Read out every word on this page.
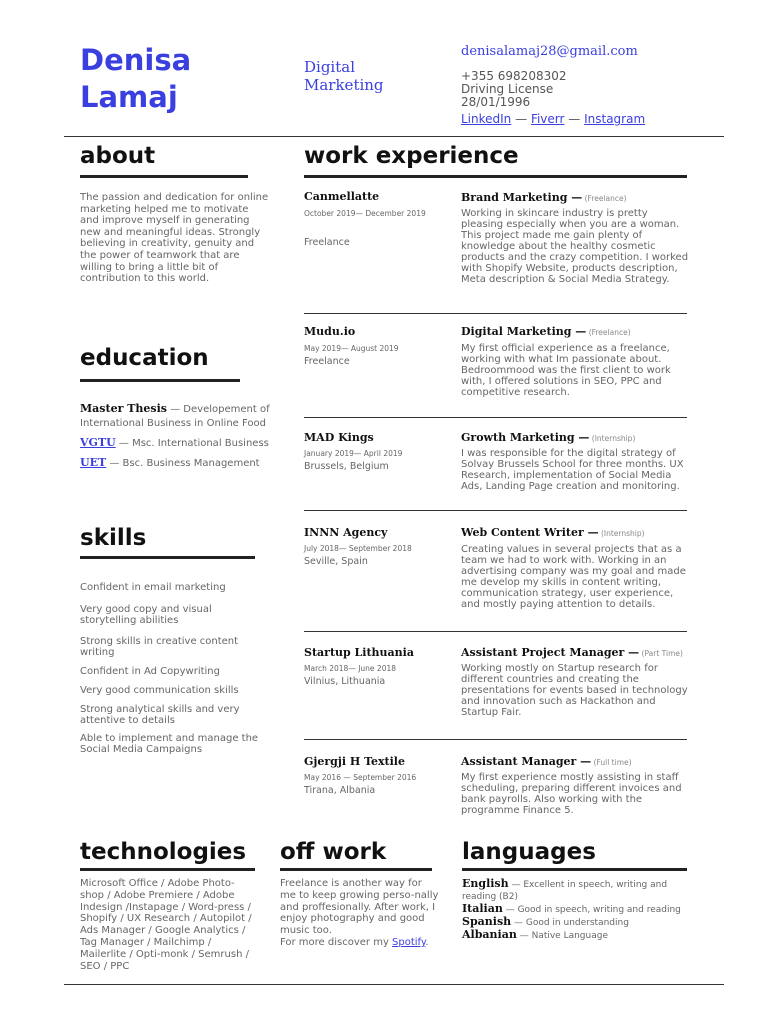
Denisa
Lamaj
Digital
Marketing
denisalamaj28@gmail.com
+355 698208302
Driving License
28/01/1996
LinkedIn — Fiverr — Instagram
about
The passion and dedication for online marketing helped me to motivate and improve myself in generating new and meaningful ideas. Strongly believing in creativity, genuity and the power of teamwork that are willing to bring a little bit of contribution to this world.
education
Master Thesis — Developement of International Business in Online Food
VGTU — Msc. International Business
UET — Bsc. Business Management
skills
Confident in email marketing
Very good copy and visual storytelling abilities
Strong skills in creative content writing
Confident in Ad Copywriting
Very good communication skills
Strong analytical skills and very attentive to details
Able to implement and manage the Social Media Campaigns
work experience
Canmellatte
October 2019— December 2019
Freelance
Brand Marketing — (Freelance)
Working in skincare industry is pretty pleasing especially when you are a woman. This project made me gain plenty of knowledge about the healthy cosmetic products and the crazy competition. I worked with Shopify Website, products description, Meta description & Social Media Strategy.
Mudu.io
May 2019— August 2019
Freelance
Digital Marketing — (Freelance)
My first official experience as a freelance, working with what Im passionate about. Bedroommood was the first client to work with, I offered solutions in SEO, PPC and competitive research.
MAD Kings
January 2019— April 2019
Brussels, Belgium
Growth Marketing — (Internship)
I was responsible for the digital strategy of Solvay Brussels School for three months. UX Research, implementation of Social Media Ads, Landing Page creation and monitoring.
INNN Agency
July 2018— September 2018
Seville, Spain
Web Content Writer — (Internship)
Creating values in several projects that as a team we had to work with. Working in an advertising company was my goal and made me develop my skills in content writing, communication strategy, user experience, and mostly paying attention to details.
Startup Lithuania
March 2018— June 2018
Vilnius, Lithuania
Assistant Project Manager — (Part Time)
Working mostly on Startup research for different countries and creating the presentations for events based in technology and innovation such as Hackathon and Startup Fair.
Gjergji H Textile
May 2016 — September 2016
Tirana, Albania
Assistant Manager — (Full time)
My first experience mostly assisting in staff scheduling, preparing different invoices and bank payrolls. Also working with the programme Finance 5.
technologies
Microsoft Office / Adobe Photo-shop / Adobe Premiere / Adobe Indesign /Instapage / Word-press / Shopify / UX Research / Autopilot / Ads Manager / Google Analytics / Tag Manager / Mailchimp / Mailerlite / Opti-monk / Semrush / SEO / PPC
off work
Freelance is another way for me to keep growing perso-nally and proffesionally. After work, I enjoy photography and good music too.
For more discover my Spotify.
languages
English — Excellent in speech, writing and reading (B2)
Italian — Good in speech, writing and reading
Spanish — Good in understanding
Albanian — Native Language
